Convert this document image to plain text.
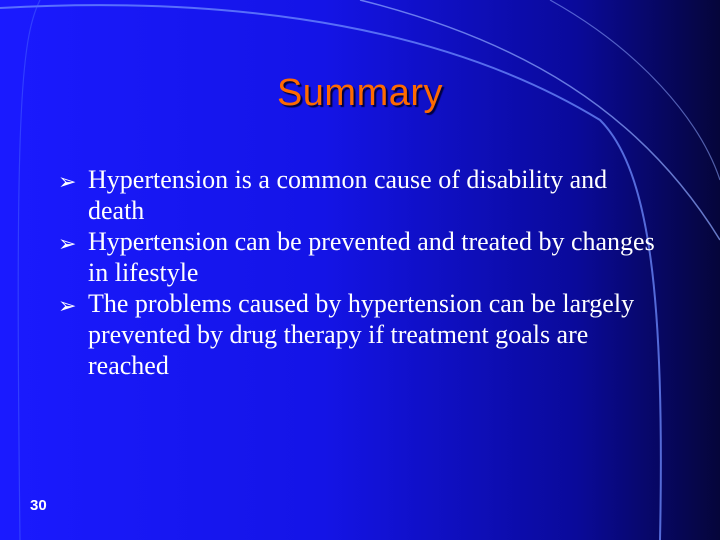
Summary
➢ Hypertension is a common cause of disability and death
➢ Hypertension can be prevented and treated by changes in lifestyle
➢ The problems caused by hypertension can be largely prevented by drug therapy if treatment goals are reached
30
